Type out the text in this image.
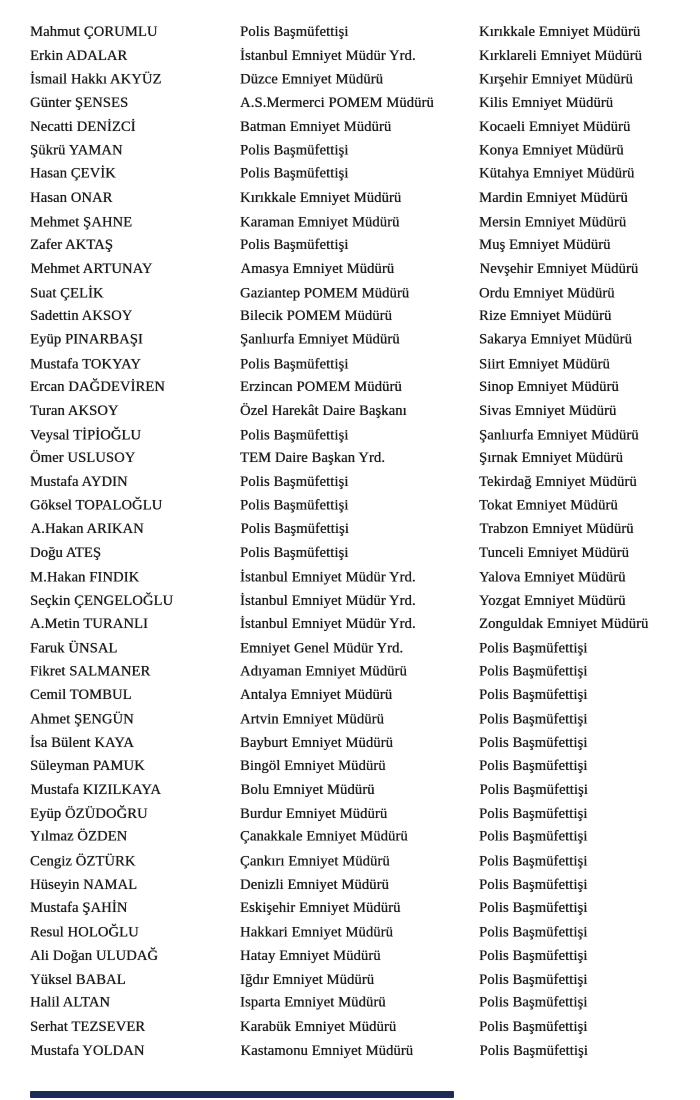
Mahmut ÇORUMLU	Polis Başmüfettişi	Kırıkkale Emniyet Müdürü
Erkin ADALAR	İstanbul Emniyet Müdür Yrd.	Kırklareli Emniyet Müdürü
İsmail Hakkı AKYÜZ	Düzce Emniyet Müdürü	Kırşehir Emniyet Müdürü
Günter ŞENSES	A.S.Mermerci POMEM Müdürü	Kilis Emniyet Müdürü
Necatti DENİZCİ	Batman Emniyet Müdürü	Kocaeli Emniyet Müdürü
Şükrü YAMAN	Polis Başmüfettişi	Konya Emniyet Müdürü
Hasan ÇEVİK	Polis Başmüfettişi	Kütahya Emniyet Müdürü
Hasan ONAR	Kırıkkale Emniyet Müdürü	Mardin Emniyet Müdürü
Mehmet ŞAHNE	Karaman Emniyet Müdürü	Mersin Emniyet Müdürü
Zafer AKTAŞ	Polis Başmüfettişi	Muş Emniyet Müdürü
Mehmet ARTUNAY	Amasya Emniyet Müdürü	Nevşehir Emniyet Müdürü
Suat ÇELİK	Gaziantep POMEM Müdürü	Ordu Emniyet Müdürü
Sadettin AKSOY	Bilecik POMEM Müdürü	Rize Emniyet Müdürü
Eyüp PINARBAŞI	Şanlıurfa Emniyet Müdürü	Sakarya Emniyet Müdürü
Mustafa TOKYAY	Polis Başmüfettişi	Siirt Emniyet Müdürü
Ercan DAĞDEVİREN	Erzincan POMEM Müdürü	Sinop Emniyet Müdürü
Turan AKSOY	Özel Harekât Daire Başkanı	Sivas Emniyet Müdürü
Veysal TİPİOĞLU	Polis Başmüfettişi	Şanlıurfa Emniyet Müdürü
Ömer USLUSOY	TEM Daire Başkan Yrd.	Şırnak Emniyet Müdürü
Mustafa AYDIN	Polis Başmüfettişi	Tekirdağ Emniyet Müdürü
Göksel TOPALOĞLU	Polis Başmüfettişi	Tokat Emniyet Müdürü
A.Hakan ARIKAN	Polis Başmüfettişi	Trabzon Emniyet Müdürü
Doğu ATEŞ	Polis Başmüfettişi	Tunceli Emniyet Müdürü
M.Hakan FINDIK	İstanbul Emniyet Müdür Yrd.	Yalova Emniyet Müdürü
Seçkin ÇENGELOĞLU	İstanbul Emniyet Müdür Yrd.	Yozgat Emniyet Müdürü
A.Metin TURANLI	İstanbul Emniyet Müdür Yrd.	Zonguldak Emniyet Müdürü
Faruk ÜNSAL	Emniyet Genel Müdür Yrd.	Polis Başmüfettişi
Fikret SALMANER	Adıyaman Emniyet Müdürü	Polis Başmüfettişi
Cemil TOMBUL	Antalya Emniyet Müdürü	Polis Başmüfettişi
Ahmet ŞENGÜN	Artvin Emniyet Müdürü	Polis Başmüfettişi
İsa Bülent KAYA	Bayburt Emniyet Müdürü	Polis Başmüfettişi
Süleyman PAMUK	Bingöl Emniyet Müdürü	Polis Başmüfettişi
Mustafa KIZILKAYA	Bolu Emniyet Müdürü	Polis Başmüfettişi
Eyüp ÖZÜDOĞRU	Burdur Emniyet Müdürü	Polis Başmüfettişi
Yılmaz ÖZDEN	Çanakkale Emniyet Müdürü	Polis Başmüfettişi
Cengiz ÖZTÜRK	Çankırı Emniyet Müdürü	Polis Başmüfettişi
Hüseyin NAMAL	Denizli Emniyet Müdürü	Polis Başmüfettişi
Mustafa ŞAHİN	Eskişehir Emniyet Müdürü	Polis Başmüfettişi
Resul HOLOĞLU	Hakkari Emniyet Müdürü	Polis Başmüfettişi
Ali Doğan ULUDAĞ	Hatay Emniyet Müdürü	Polis Başmüfettişi
Yüksel BABAL	Iğdır Emniyet Müdürü	Polis Başmüfettişi
Halil ALTAN	Isparta Emniyet Müdürü	Polis Başmüfettişi
Serhat TEZSEVER	Karabük Emniyet Müdürü	Polis Başmüfettişi
Mustafa YOLDAN	Kastamonu Emniyet Müdürü	Polis Başmüfettişi
